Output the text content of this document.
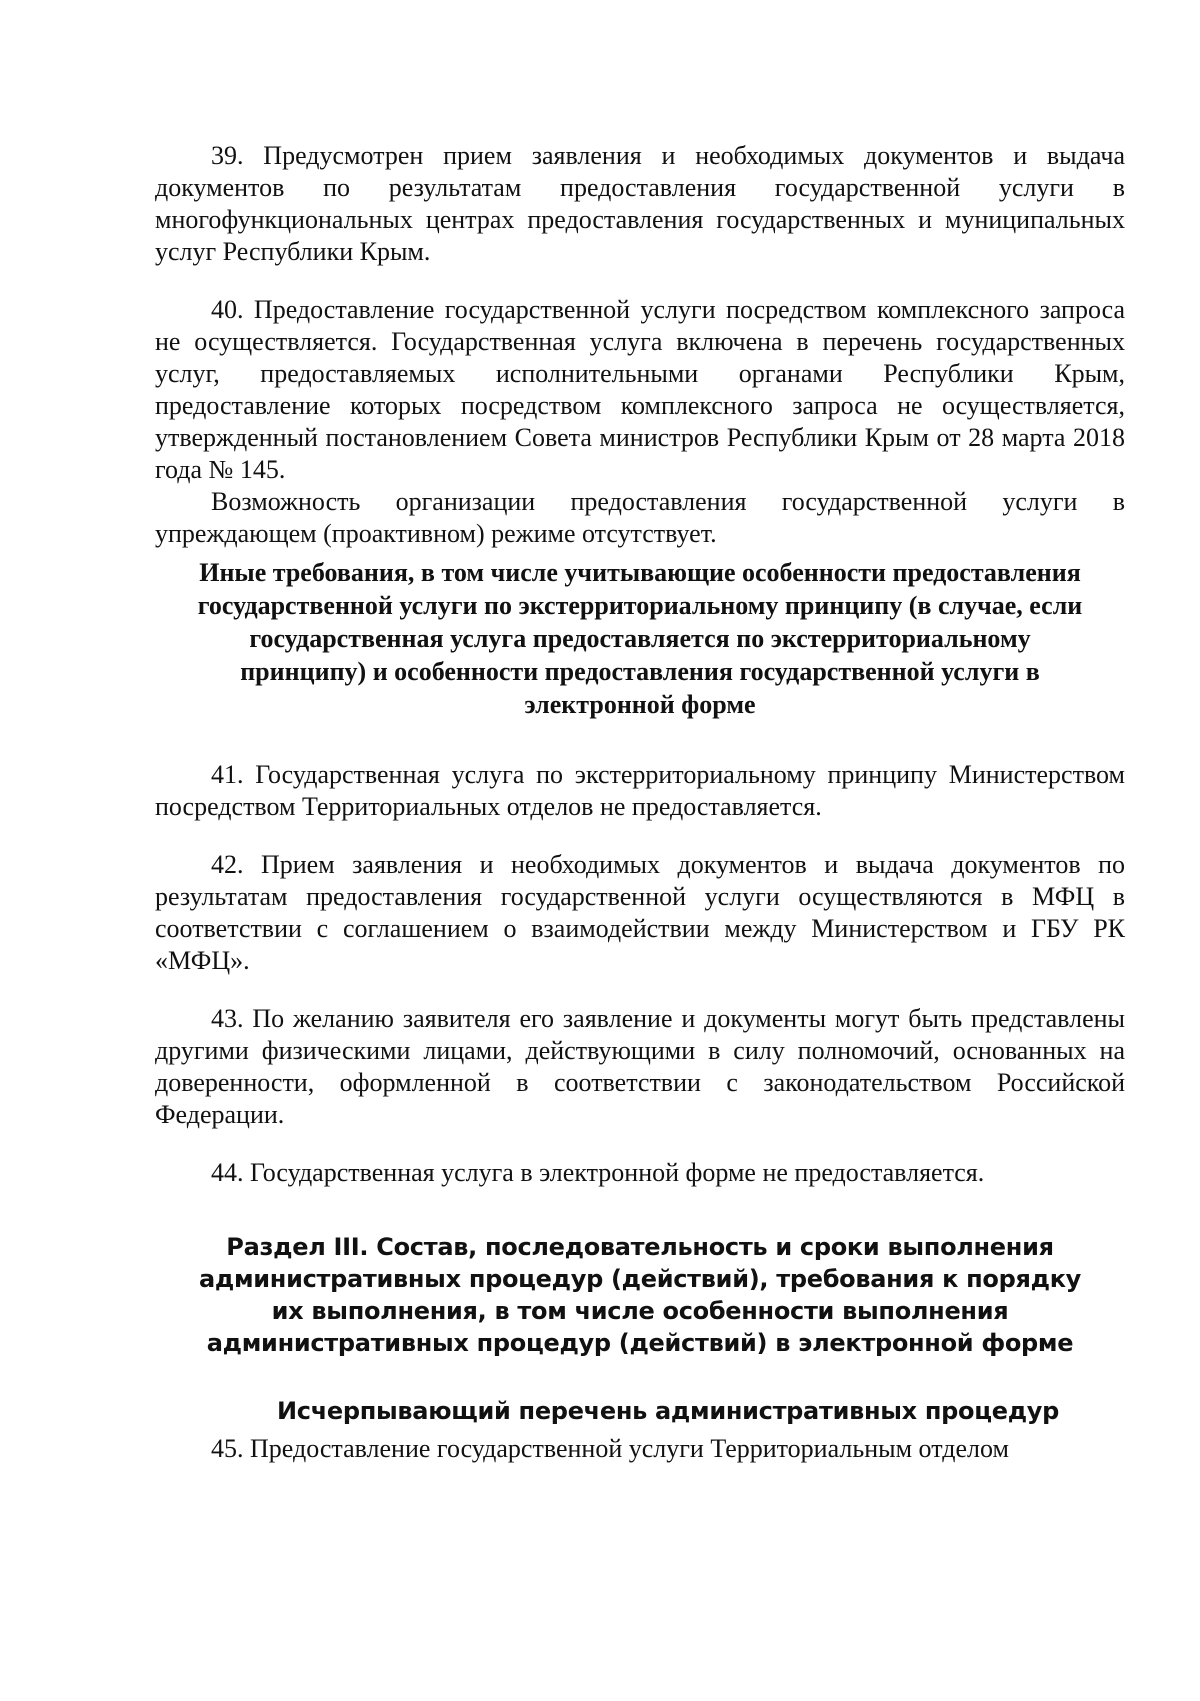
39. Предусмотрен прием заявления и необходимых документов и выдача документов по результатам предоставления государственной услуги в многофункциональных центрах предоставления государственных и муниципальных услуг Республики Крым.

40. Предоставление государственной услуги посредством комплексного запроса не осуществляется. Государственная услуга включена в перечень государственных услуг, предоставляемых исполнительными органами Республики Крым, предоставление которых посредством комплексного запроса не осуществляется, утвержденный постановлением Совета министров Республики Крым от 28 марта 2018 года № 145.

Возможность организации предоставления государственной услуги в упреждающем (проактивном) режиме отсутствует.

Иные требования, в том числе учитывающие особенности предоставления государственной услуги по экстерриториальному принципу (в случае, если государственная услуга предоставляется по экстерриториальному принципу) и особенности предоставления государственной услуги в электронной форме

41. Государственная услуга по экстерриториальному принципу Министерством посредством Территориальных отделов не предоставляется.

42. Прием заявления и необходимых документов и выдача документов по результатам предоставления государственной услуги осуществляются в МФЦ в соответствии с соглашением о взаимодействии между Министерством и ГБУ РК «МФЦ».

43. По желанию заявителя его заявление и документы могут быть представлены другими физическими лицами, действующими в силу полномочий, основанных на доверенности, оформленной в соответствии с законодательством Российской Федерации.

44. Государственная услуга в электронной форме не предоставляется.

Раздел III. Состав, последовательность и сроки выполнения административных процедур (действий), требования к порядку их выполнения, в том числе особенности выполнения административных процедур (действий) в электронной форме

Исчерпывающий перечень административных процедур

45. Предоставление государственной услуги Территориальным отделом
